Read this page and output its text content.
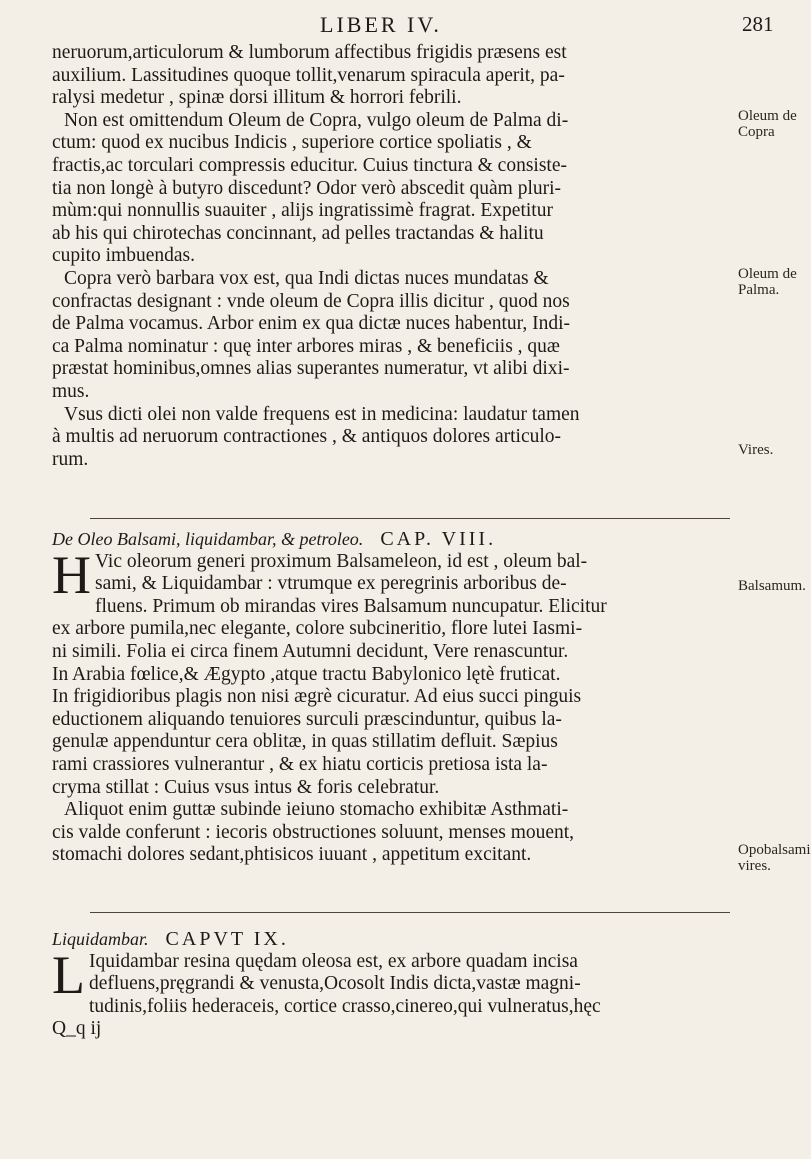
LIBER IV.	281

neruorum,articulorum & lumborum affectibus frigidis præsens est

auxilium. Lassitudines quoque tollit,venarum spiracula aperit, pa-

ralysi medetur , spinæ dorsi illitum & horrori febrili.

Non est omittendum Oleum de Copra, vulgo oleum de Palma di-

ctum: quod ex nucibus Indicis , superiore cortice spoliatis , &

fractis,ac torculari compressis educitur. Cuius tinctura & consiste-

tia non longè à butyro discedunt? Odor verò abscedit quàm pluri-

mùm:qui nonnullis suauiter , alijs ingratissimè fragrat. Expetitur

ab his qui chirotechas concinnant, ad pelles tractandas & halitu

cupito imbuendas.

Copra verò barbara vox est, qua Indi dictas nuces mundatas &

confractas designant : vnde oleum de Copra illis dicitur , quod nos

de Palma vocamus. Arbor enim ex qua dictæ nuces habentur, Indi-

ca Palma nominatur : quę inter arbores miras , & beneficiis , quæ

præstat hominibus,omnes alias superantes numeratur, vt alibi dixi-

mus.

Vsus dicti olei non valde frequens est in medicina: laudatur tamen

à multis ad neruorum contractiones , & antiquos dolores articulo-

rum.

De Oleo Balsami, liquidambar, & petroleo. CAP. VIII.

H Vic oleorum generi proximum Balsameleon, id est , oleum bal-

sami, & Liquidambar : vtrumque ex peregrinis arboribus de-

fluens. Primum ob mirandas vires Balsamum nuncupatur. Elicitur

ex arbore pumila,nec elegante, colore subcineritio, flore lutei Iasmi-

ni simili. Folia ei circa finem Autumni decidunt, Vere renascuntur.

In Arabia fœlice,& Ægypto ,atque tractu Babylonico lętè fruticat.

In frigidioribus plagis non nisi ægrè cicuratur. Ad eius succi pinguis

eductionem aliquando tenuiores surculi præscinduntur, quibus la-

genulæ appenduntur cera oblitæ, in quas stillatim defluit. Sæpius

rami crassiores vulnerantur , & ex hiatu corticis pretiosa ista la-

cryma stillat : Cuius vsus intus & foris celebratur.

Aliquot enim guttæ subinde ieiuno stomacho exhibitæ Asthmati-

cis valde conferunt : iecoris obstructiones soluunt, menses mouent,

stomachi dolores sedant,phtisicos iuuant , appetitum excitant.

Liquidambar. CAPVT IX.

L Iquidambar resina quędam oleosa est, ex arbore quadam incisa

defluens,pręgrandi & venusta,Ocosolt Indis dicta,vastæ magni-

tudinis,foliis hederaceis, cortice crasso,cinereo,qui vulneratus,hęc

Q_q ij

Oleum de Copra
Oleum de Palma.
Vires.
Balsamum.
Opobalsami vires.
